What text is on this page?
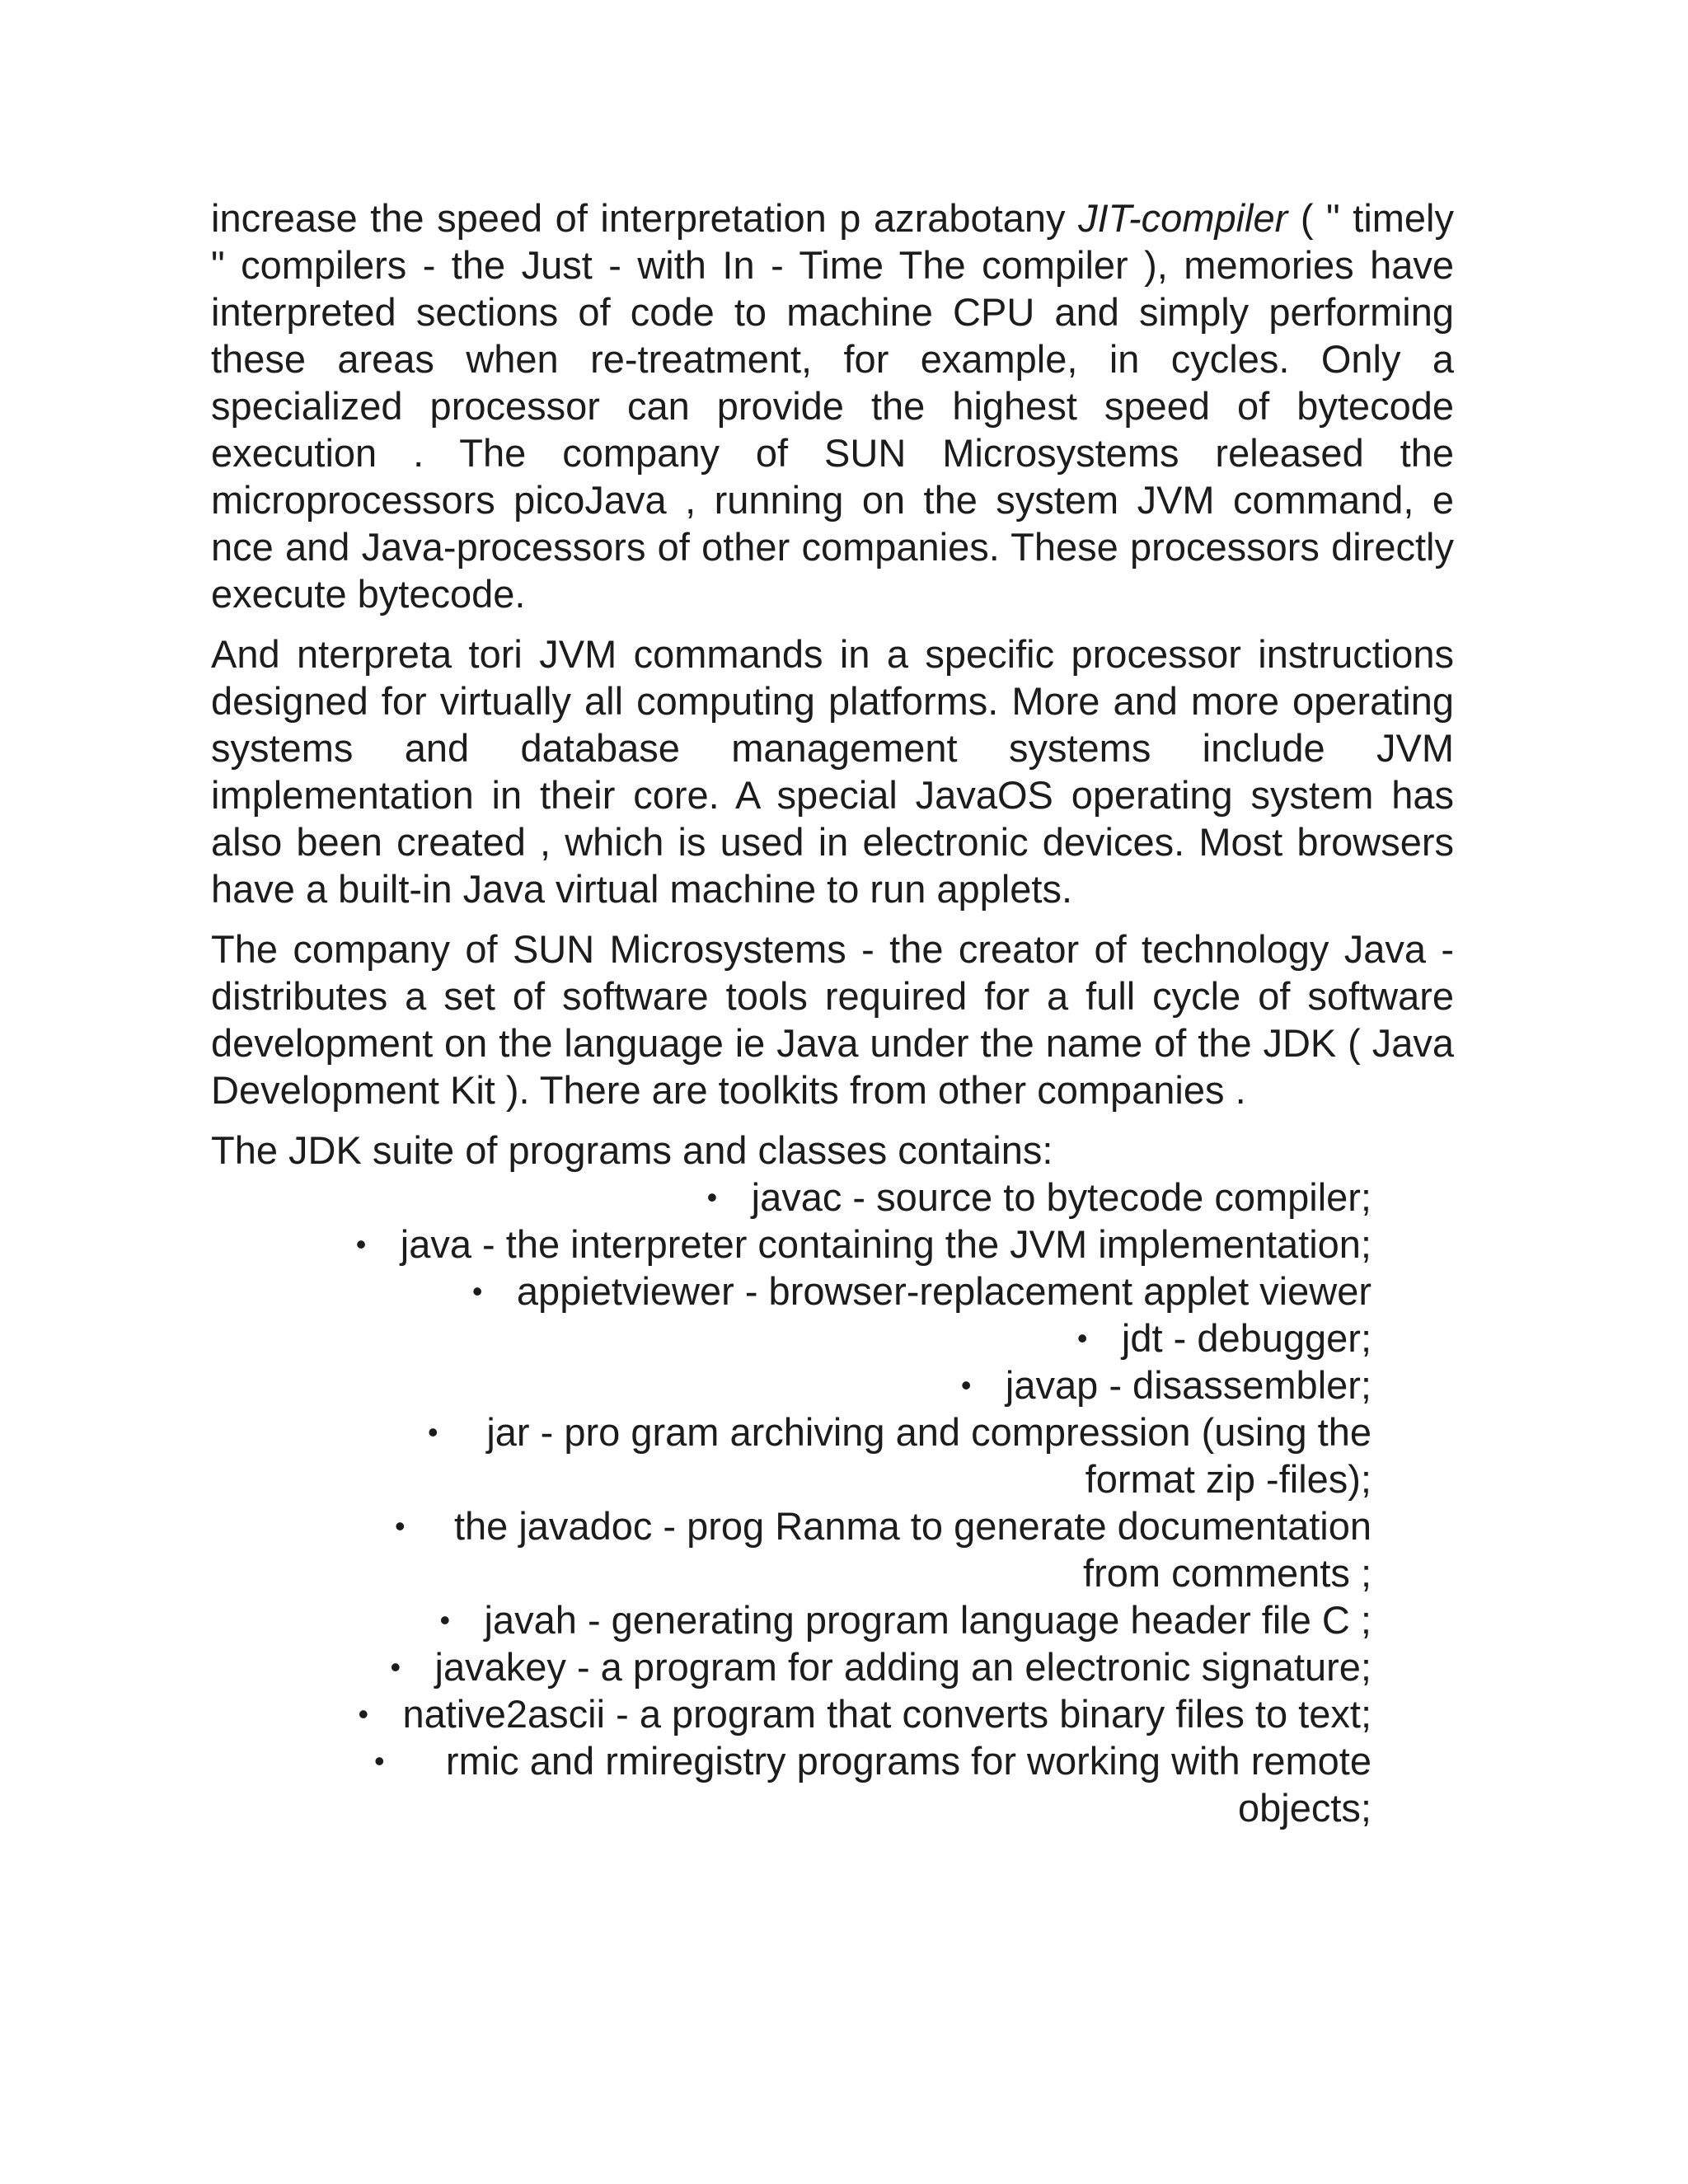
increase the speed of interpretation p azrabotany JIT-compiler ( " timely " compilers - the Just - with In - Time The compiler ), memories have interpreted sections of code to machine CPU and simply performing these areas when re-treatment, for example, in cycles. Only a specialized processor can provide the highest speed of bytecode execution . The company of SUN Microsystems released the microprocessors picoJava , running on the system JVM command, e nce and Java-processors of other companies. These processors directly execute bytecode.

And nterpreta tori JVM commands in a specific processor instructions designed for virtually all computing platforms. More and more operating systems and database management systems include JVM implementation in their core. A special JavaOS operating system has also been created , which is used in electronic devices. Most browsers have a built-in Java virtual machine to run applets.

The company of SUN Microsystems - the creator of technology Java - distributes a set of software tools required for a full cycle of software development on the language ie Java under the name of the JDK ( Java Development Kit ). There are toolkits from other companies .

The JDK suite of programs and classes contains:

• javac - source to bytecode compiler;
• java - the interpreter containing the JVM implementation;
• appietviewer - browser-replacement applet viewer
• jdt - debugger;
• javap - disassembler;
•	jar - pro gram archiving and compression (using the format zip -files);
•	the javadoc - prog Ranma to generate documentation from comments ;
• javah - generating program language header file C ;
• javakey - a program for adding an electronic signature;
• native2ascii - a program that converts binary files to text;
•	rmic and rmiregistry programs for working with remote objects;
